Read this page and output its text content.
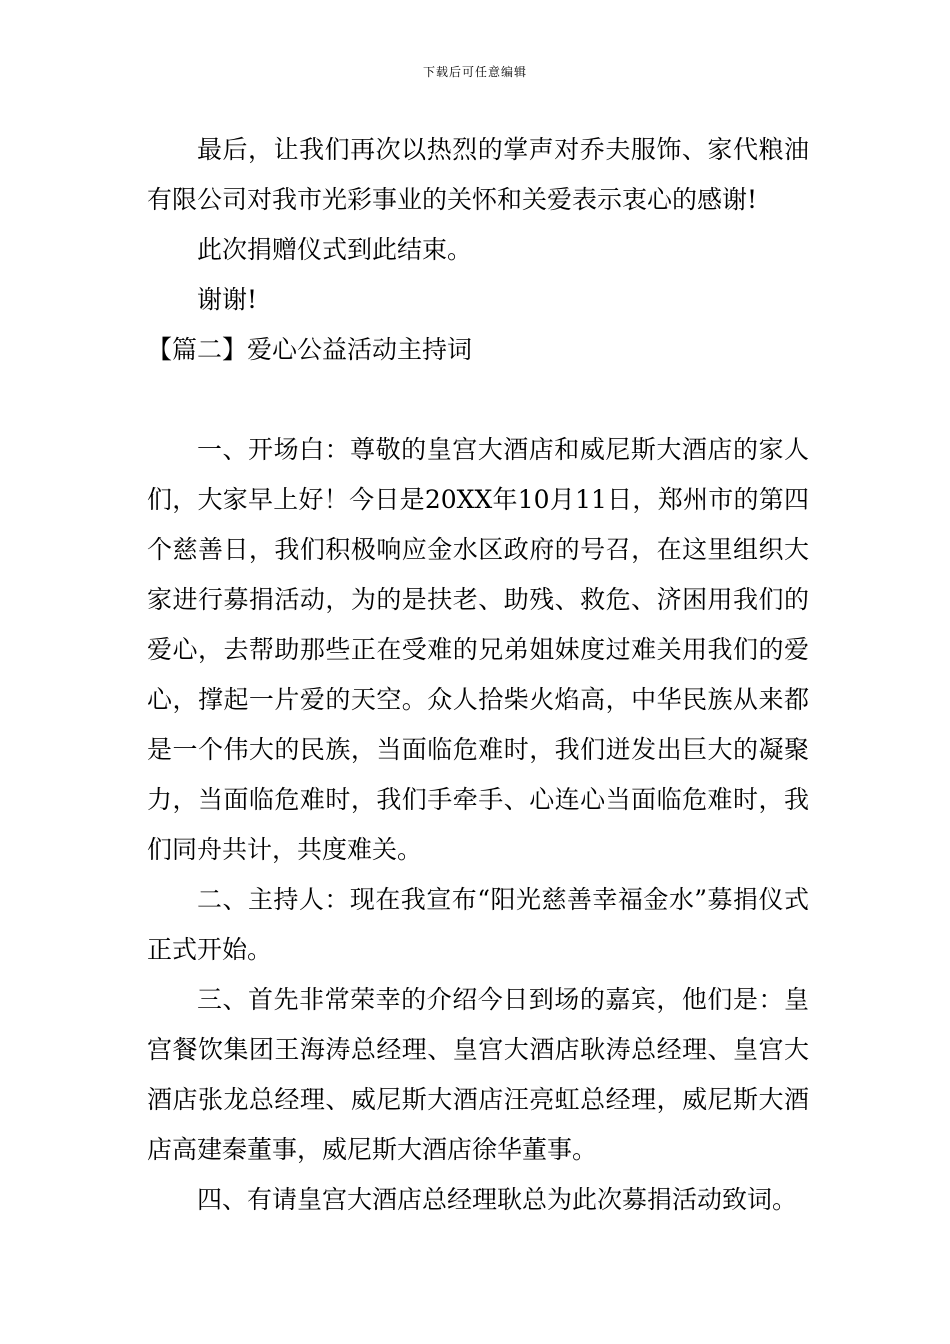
下载后可任意编辑

最后，让我们再次以热烈的掌声对乔夫服饰、家代粮油有限公司对我市光彩事业的关怀和关爱表示衷心的感谢!

此次捐赠仪式到此结束。

谢谢!

【篇二】爱心公益活动主持词

一、开场白：尊敬的皇宫大酒店和威尼斯大酒店的家人们，大家早上好！今日是20XX年10月11日，郑州市的第四个慈善日，我们积极响应金水区政府的号召，在这里组织大家进行募捐活动，为的是扶老、助残、救危、济困用我们的爱心，去帮助那些正在受难的兄弟姐妹度过难关用我们的爱心，撑起一片爱的天空。众人拾柴火焰高，中华民族从来都是一个伟大的民族，当面临危难时，我们迸发出巨大的凝聚力，当面临危难时，我们手牵手、心连心当面临危难时，我们同舟共计，共度难关。

二、主持人：现在我宣布“阳光慈善幸福金水”募捐仪式正式开始。

三、首先非常荣幸的介绍今日到场的嘉宾，他们是：皇宫餐饮集团王海涛总经理、皇宫大酒店耿涛总经理、皇宫大酒店张龙总经理、威尼斯大酒店汪亮虹总经理，威尼斯大酒店高建秦董事，威尼斯大酒店徐华董事。

四、有请皇宫大酒店总经理耿总为此次募捐活动致词。
